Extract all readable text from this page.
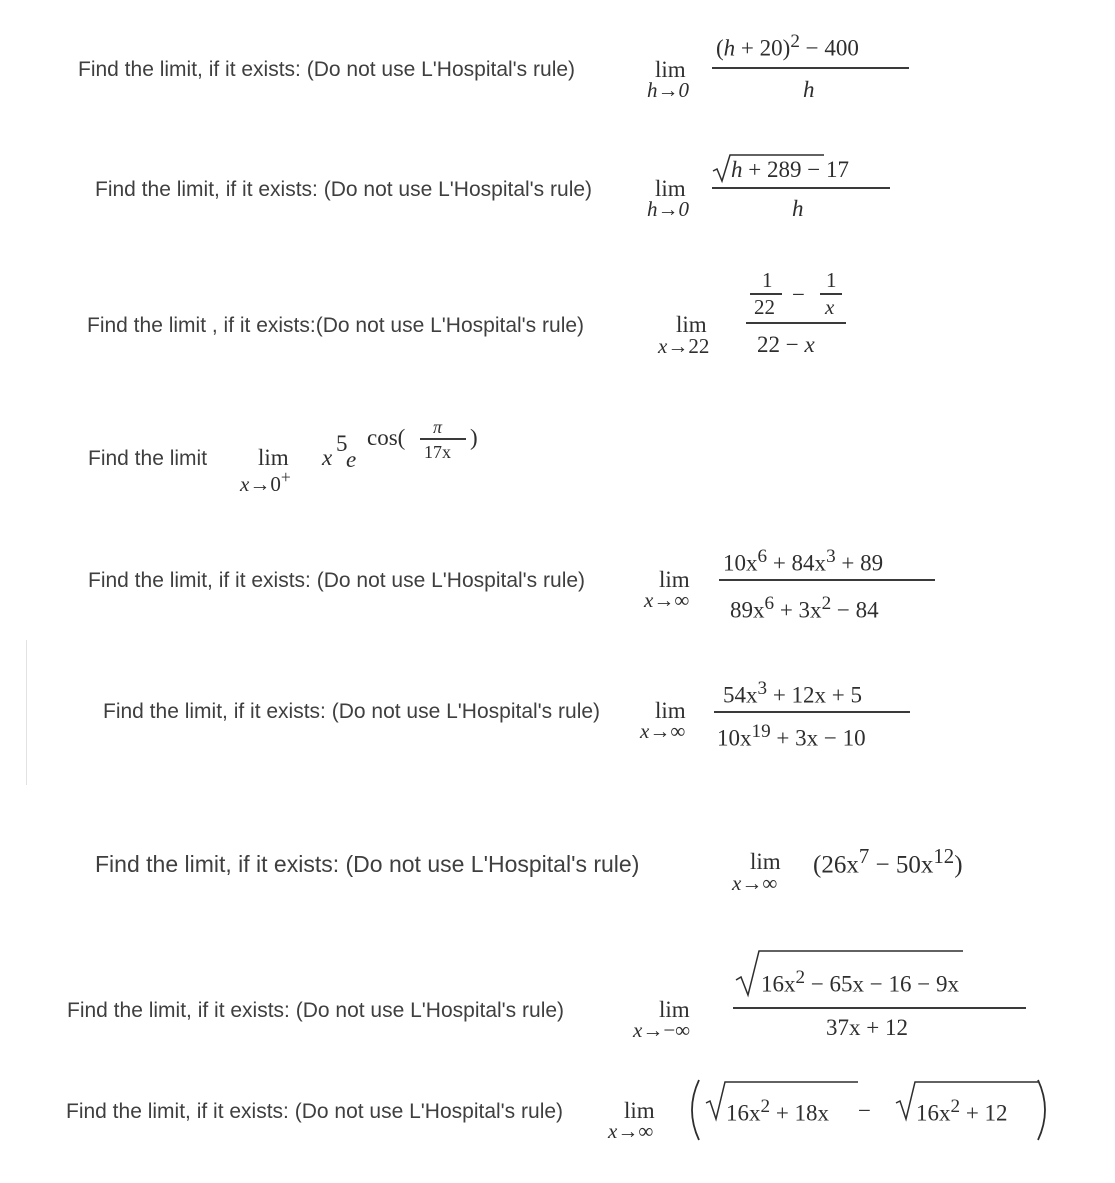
Find the limit, if it exists: (Do not use L'Hospital's rule)	lim
h→0
$(h + 20)^2 - 400$
h
Find the limit, if it exists: (Do not use L'Hospital's rule)	lim
h→0
h + 289 − 17
h
Find the limit , if it exists:(Do not use L'Hospital's rule)	lim
x→22
1
22 −
1
x
22 − x
Find the limit lim
x→0+
x
5
e
cos( π
17x
)
Find the limit, if it exists: (Do not use L'Hospital's rule)	lim
x→∞
$10x^6 + 84x^3 + 89$
$89x^6 + 3x^2 - 84$
Find the limit, if it exists: (Do not use L'Hospital's rule) lim
x→∞
$54x^3 + 12x + 5$
$10x^{19} + 3x - 10$
Find the limit, if it exists: (Do not use L'Hospital's rule)	lim
x→∞
$(26x^7 - 50x^{12})$
Find the limit, if it exists: (Do not use L'Hospital's rule)	lim
x→−∞
$16x^2 - 65x - 16 - 9x$
37x + 12
Find the limit, if it exists: (Do not use L'Hospital's rule)	lim
x→∞
$16x^2 + 18x - 16x^2 + 12$
